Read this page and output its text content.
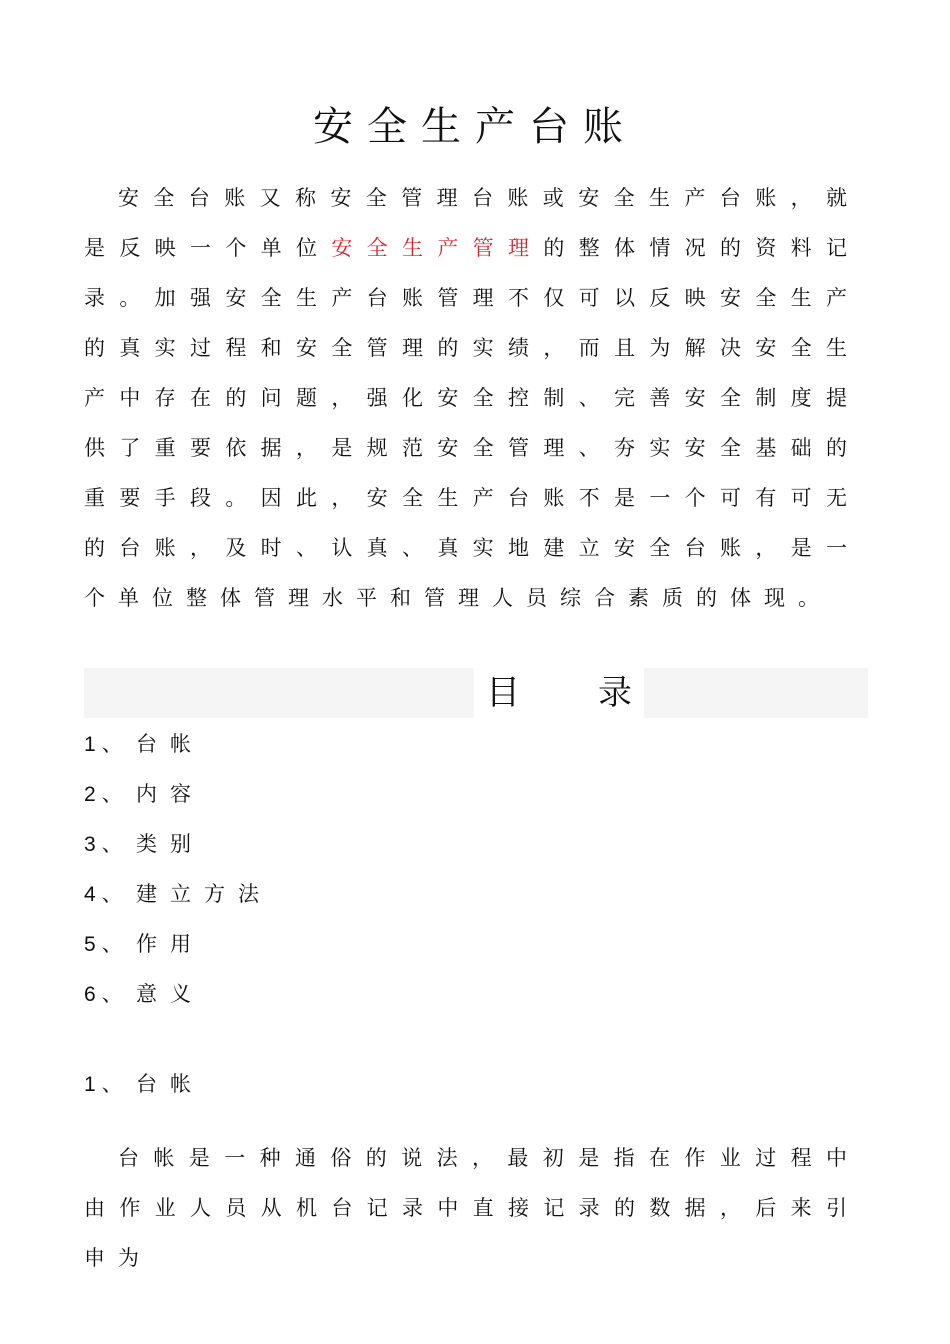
安全生产台账

安全台账又称安全管理台账或安全生产台账，就是反映一个单位安全生产管理的整体情况的资料记录。加强安全生产台账管理不仅可以反映安全生产的真实过程和安全管理的实绩，而且为解决安全生产中存在的问题，强化安全控制、完善安全制度提供了重要依据，是规范安全管理、夯实安全基础的重要手段。因此，安全生产台账不是一个可有可无的台账，及时、认真、真实地建立安全台账，是一个单位整体管理水平和管理人员综合素质的体现。

目 录
1、 台帐
2、 内容
3、 类别
4、 建立方法
5、 作用
6、 意义
1、 台帐

台帐是一种通俗的说法，最初是指在作业过程中由作业人员从机台记录中直接记录的数据，后来引申为
